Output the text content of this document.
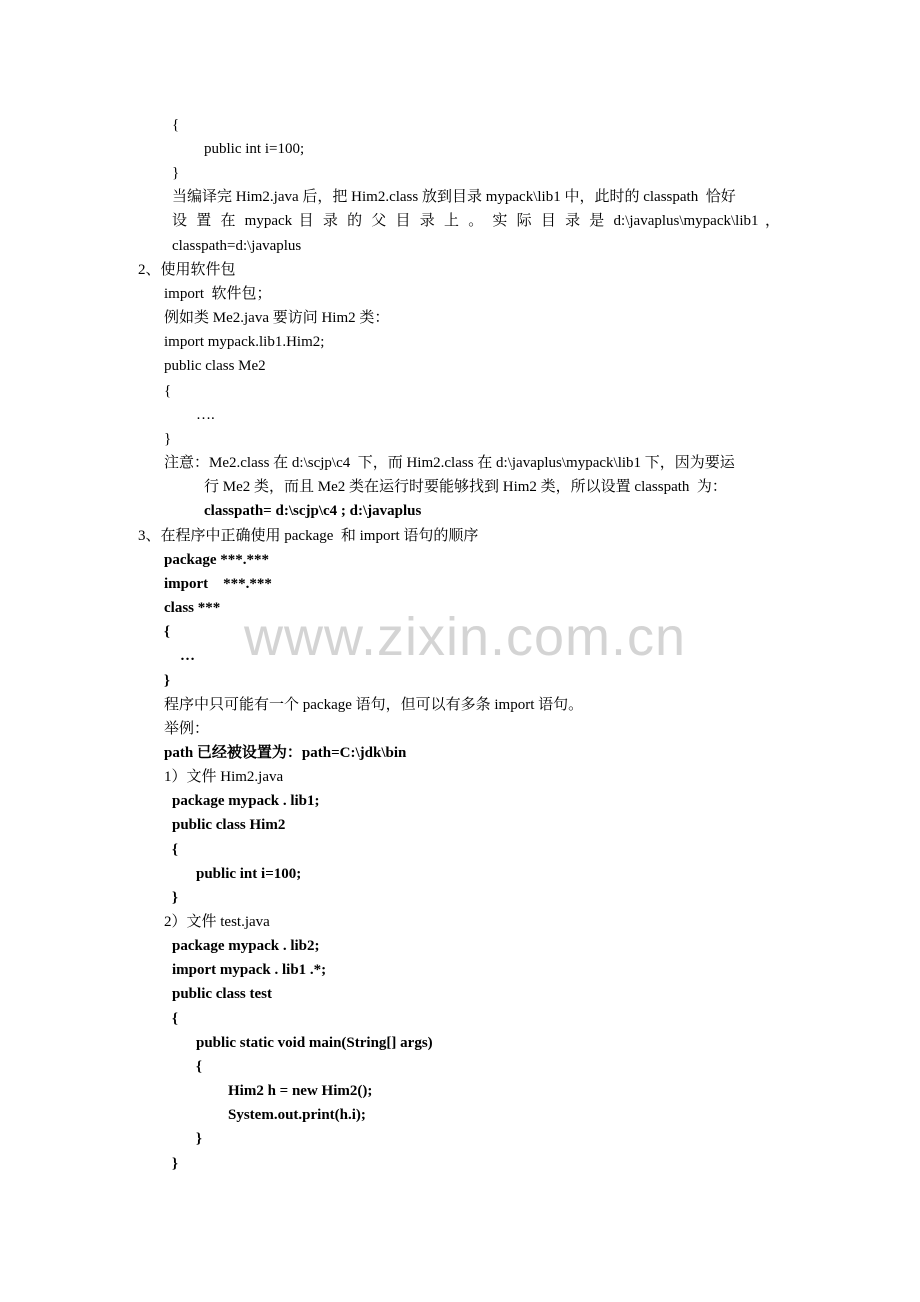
{
public int i=100;
}
当编译完 Him2.java 后，把 Him2.class 放到目录 mypack\lib1 中，此时的 classpath  恰好
设 置 在 mypack 目 录 的 父 目 录 上 。 实 际 目 录 是 d:\javaplus\mypack\lib1 ，
classpath=d:\javaplus
2、使用软件包
import  软件包；
例如类 Me2.java 要访问 Him2 类：
import mypack.lib1.Him2;
public class Me2
{
….
}
注意：Me2.class 在 d:\scjp\c4  下，而 Him2.class 在 d:\javaplus\mypack\lib1 下，因为要运
行 Me2 类，而且 Me2 类在运行时要能够找到 Him2 类，所以设置 classpath  为：
classpath= d:\scjp\c4 ; d:\javaplus
3、在程序中正确使用 package  和 import 语句的顺序
package ***.***
import    ***.***
class ***
{
…
}
程序中只可能有一个 package 语句，但可以有多条 import 语句。
举例：
path 已经被设置为：path=C:\jdk\bin
1）文件 Him2.java
package mypack . lib1;
public class Him2
{
public int i=100;
}
2）文件 test.java
package mypack . lib2;
import mypack . lib1 .*;
public class test
{
public static void main(String[] args)
{
Him2 h = new Him2();
System.out.print(h.i);
}
}
www.zixin.com.cn
